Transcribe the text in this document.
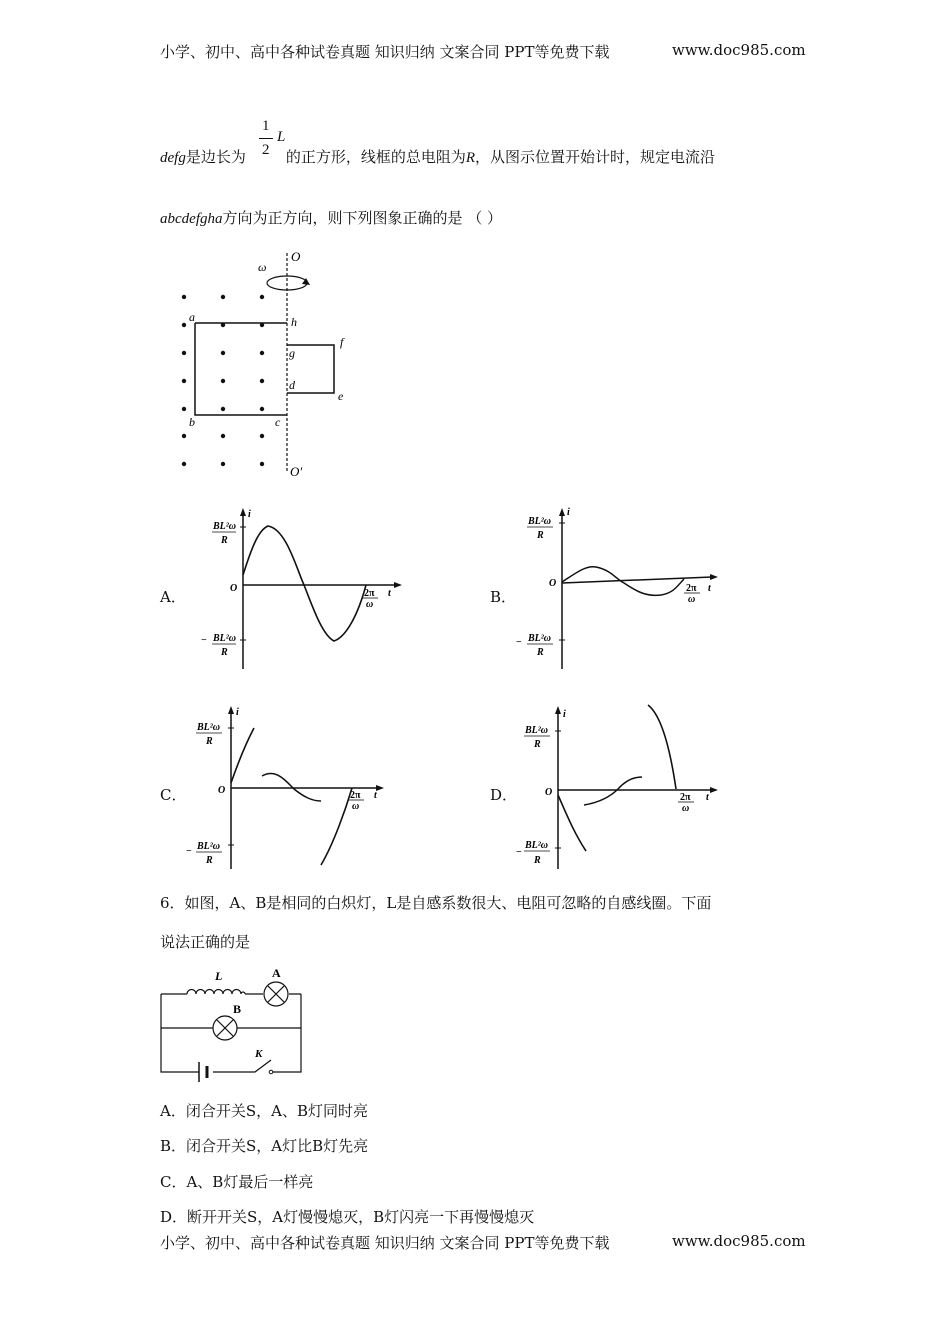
小学、初中、高中各种试卷真题 知识归纳 文案合同 PPT等免费下载	www.doc985.com
defg是边长为	的正方形，线框的总电阻为R，从图示位置开始计时，规定电流沿
1
2
L
abcdefgha方向为正方向，则下列图象正确的是 （ ）
ω
O
O′
a
b	c
d
e
f
g
h
A．	B．
C．	D．
i
BL²ω
R
O	2π
ω
t
− BL²ω
R
i
BL²ω
R
O	2π
ω
t
− BL²ω
R
i
BL²ω
R
O	2π
ω
t
− BL²ω
R
i
BL²ω
R
O	2π
ω
t
−
BL²ω
R
6．如图，A、B是相同的白炽灯，L是自感系数很大、电阻可忽略的自感线圈。下面
说法正确的是
L	A
B
K
A．闭合开关S，A、B灯同时亮
B．闭合开关S，A灯比B灯先亮
C．A、B灯最后一样亮
D．断开开关S，A灯慢慢熄灭，B灯闪亮一下再慢慢熄灭
小学、初中、高中各种试卷真题 知识归纳 文案合同 PPT等免费下载	www.doc985.com
